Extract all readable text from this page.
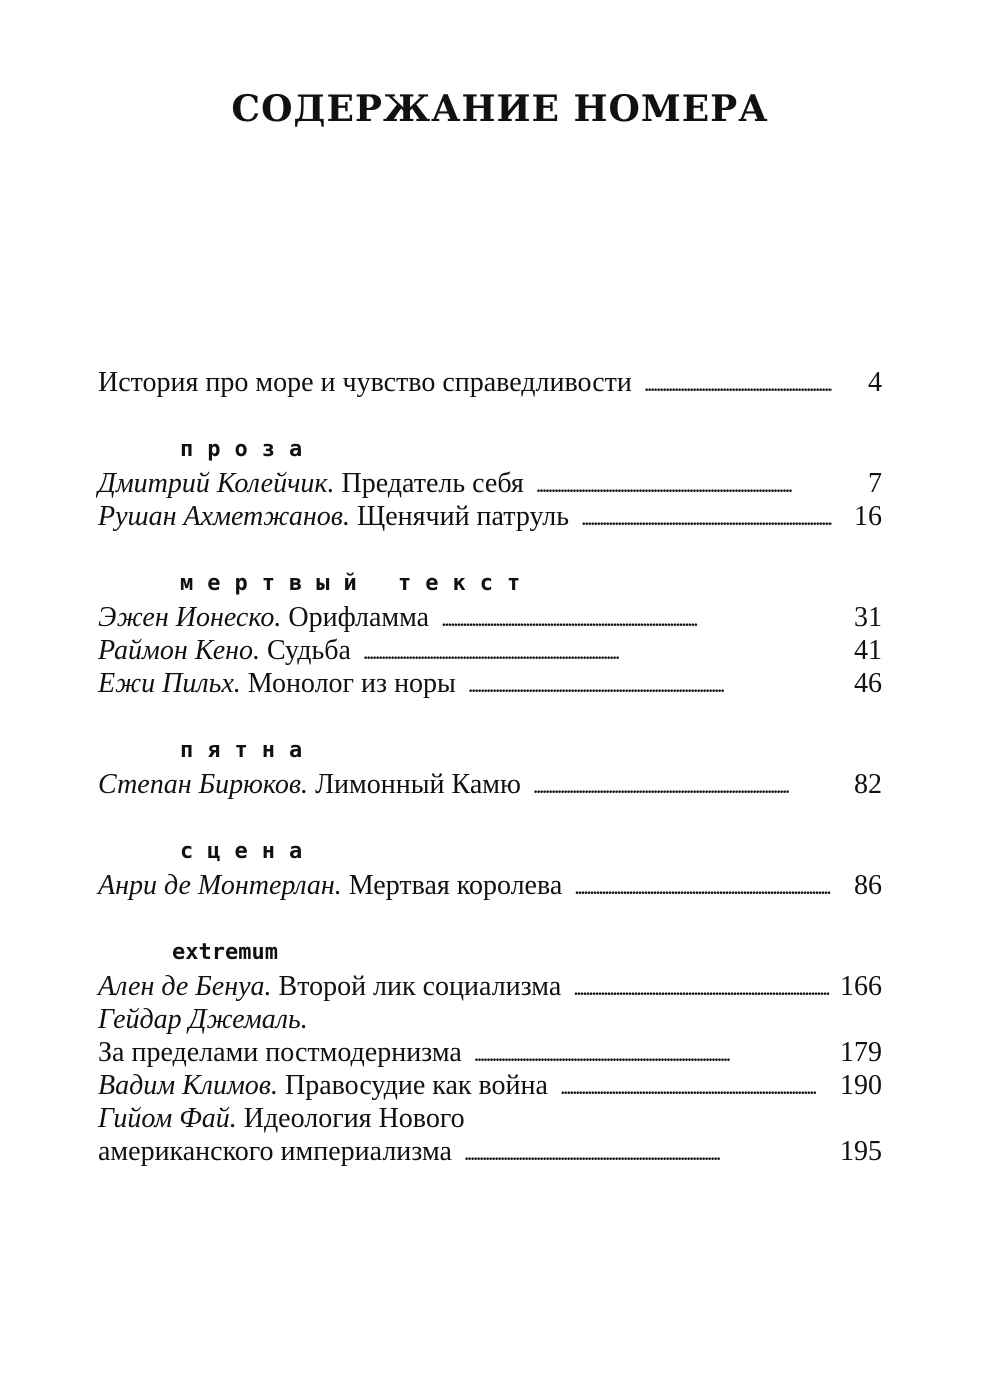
СОДЕРЖАНИЕ НОМЕРА
История про море и чувство справедливости . . .	4
проза
Дмитрий Колейчик.
Предатель себя . . .	7
Рушан Ахметжанов.
Щенячий патруль . . .	16
мертвый текст
Эжен Ионеско.
Орифламма . . .	31
Раймон Кено.
Судьба . . .	41
Ежи Пильх.
Монолог из норы . . .	46
пятна
Степан Бирюков.
Лимонный Камю . . .	82
сцена
Анри де Монтерлан.
Мертвая королева . . .	86
extremum
Ален де Бенуа.
Второй лик социализма . . .	166
Гейдар Джемаль.
За пределами постмодернизма . . .	179
Вадим Климов.
Правосудие как война . . .	190
Гийом Фай. Идеология Нового
американского империализма . . .	195
